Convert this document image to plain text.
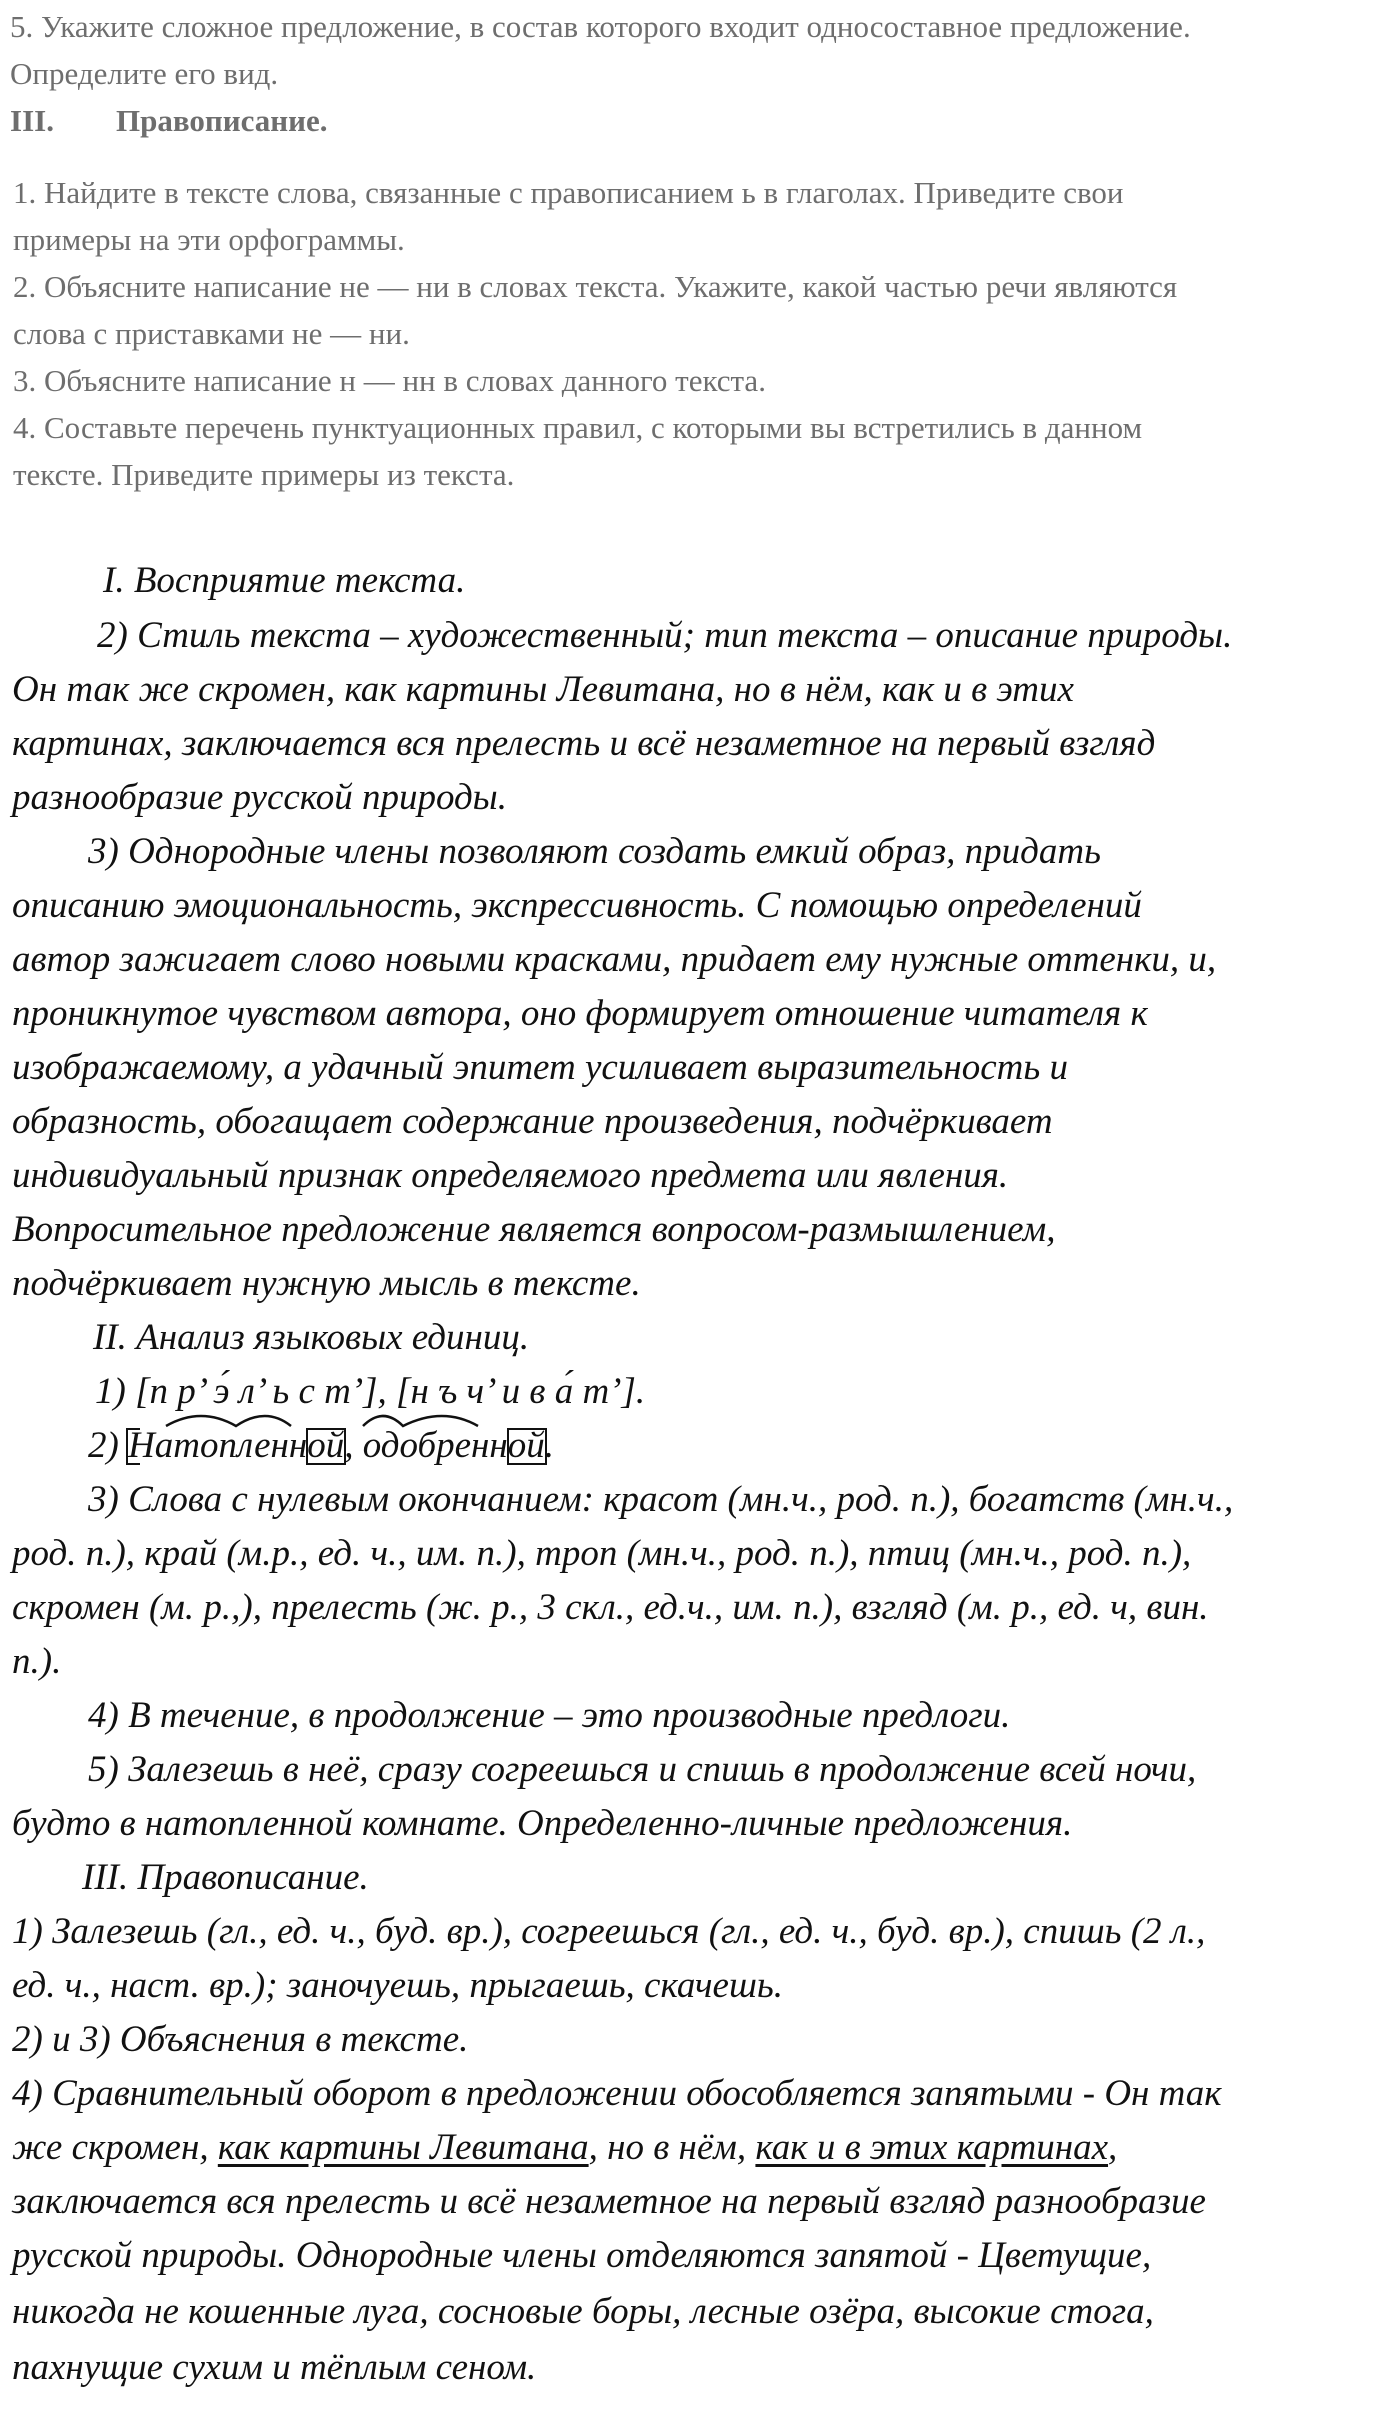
5. Укажите сложное предложение, в состав которого входит односоставное предложение.
Определите его вид.
III. Правописание.
1. Найдите в тексте слова, связанные с правописанием ь в глаголах. Приведите свои
примеры на эти орфограммы.
2. Объясните написание не — ни в словах текста. Укажите, какой частью речи являются
слова с приставками не — ни.
3. Объясните написание н — нн в словах данного текста.
4. Составьте перечень пунктуационных правил, с которыми вы встретились в данном
тексте. Приведите примеры из текста.
I. Восприятие текста.
2) Стиль текста – художественный; тип текста – описание природы.
Он так же скромен, как картины Левитана, но в нём, как и в этих
картинах, заключается вся прелесть и всё незаметное на первый взгляд
разнообразие русской природы.
3) Однородные члены позволяют создать емкий образ, придать
описанию эмоциональность, экспрессивность. С помощью определений
автор зажигает слово новыми красками, придает ему нужные оттенки, и,
проникнутое чувством автора, оно формирует отношение читателя к
изображаемому, а удачный эпитет усиливает выразительность и
образность, обогащает содержание произведения, подчёркивает
индивидуальный признак определяемого предмета или явления.
Вопросительное предложение является вопросом-размышлением,
подчёркивает нужную мысль в тексте.
II. Анализ языковых единиц.
1) [п р’ э́ л’ ь с т’], [н ъ ч’ и в а́ т’].
2) Натопленной
, одобренной
.
3) Слова с нулевым окончанием: красот (мн.ч., род. п.), богатств (мн.ч.,
род. п.), край (м.р., ед. ч., им. п.), троп (мн.ч., род. п.), птиц (мн.ч., род. п.),
скромен (м. р.,), прелесть (ж. р., 3 скл., ед.ч., им. п.), взгляд (м. р., ед. ч, вин.
п.).
4) В течение, в продолжение – это производные предлоги.
5) Залезешь в неё, сразу согреешься и спишь в продолжение всей ночи,
будто в натопленной комнате. Определенно-личные предложения.
III. Правописание.
1) Залезешь (гл., ед. ч., буд. вр.), согреешься (гл., ед. ч., буд. вр.), спишь (2 л.,
ед. ч., наст. вр.); заночуешь, прыгаешь, скачешь.
2) и 3) Объяснения в тексте.
4) Сравнительный оборот в предложении обособляется запятыми - Он так
же скромен, как картины Левитана, но в нём, как и в этих картинах,
заключается вся прелесть и всё незаметное на первый взгляд разнообразие
русской природы. Однородные члены отделяются запятой - Цветущие,
никогда не кошенные луга, сосновые боры, лесные озёра, высокие стога,
пахнущие сухим и тёплым сеном.
